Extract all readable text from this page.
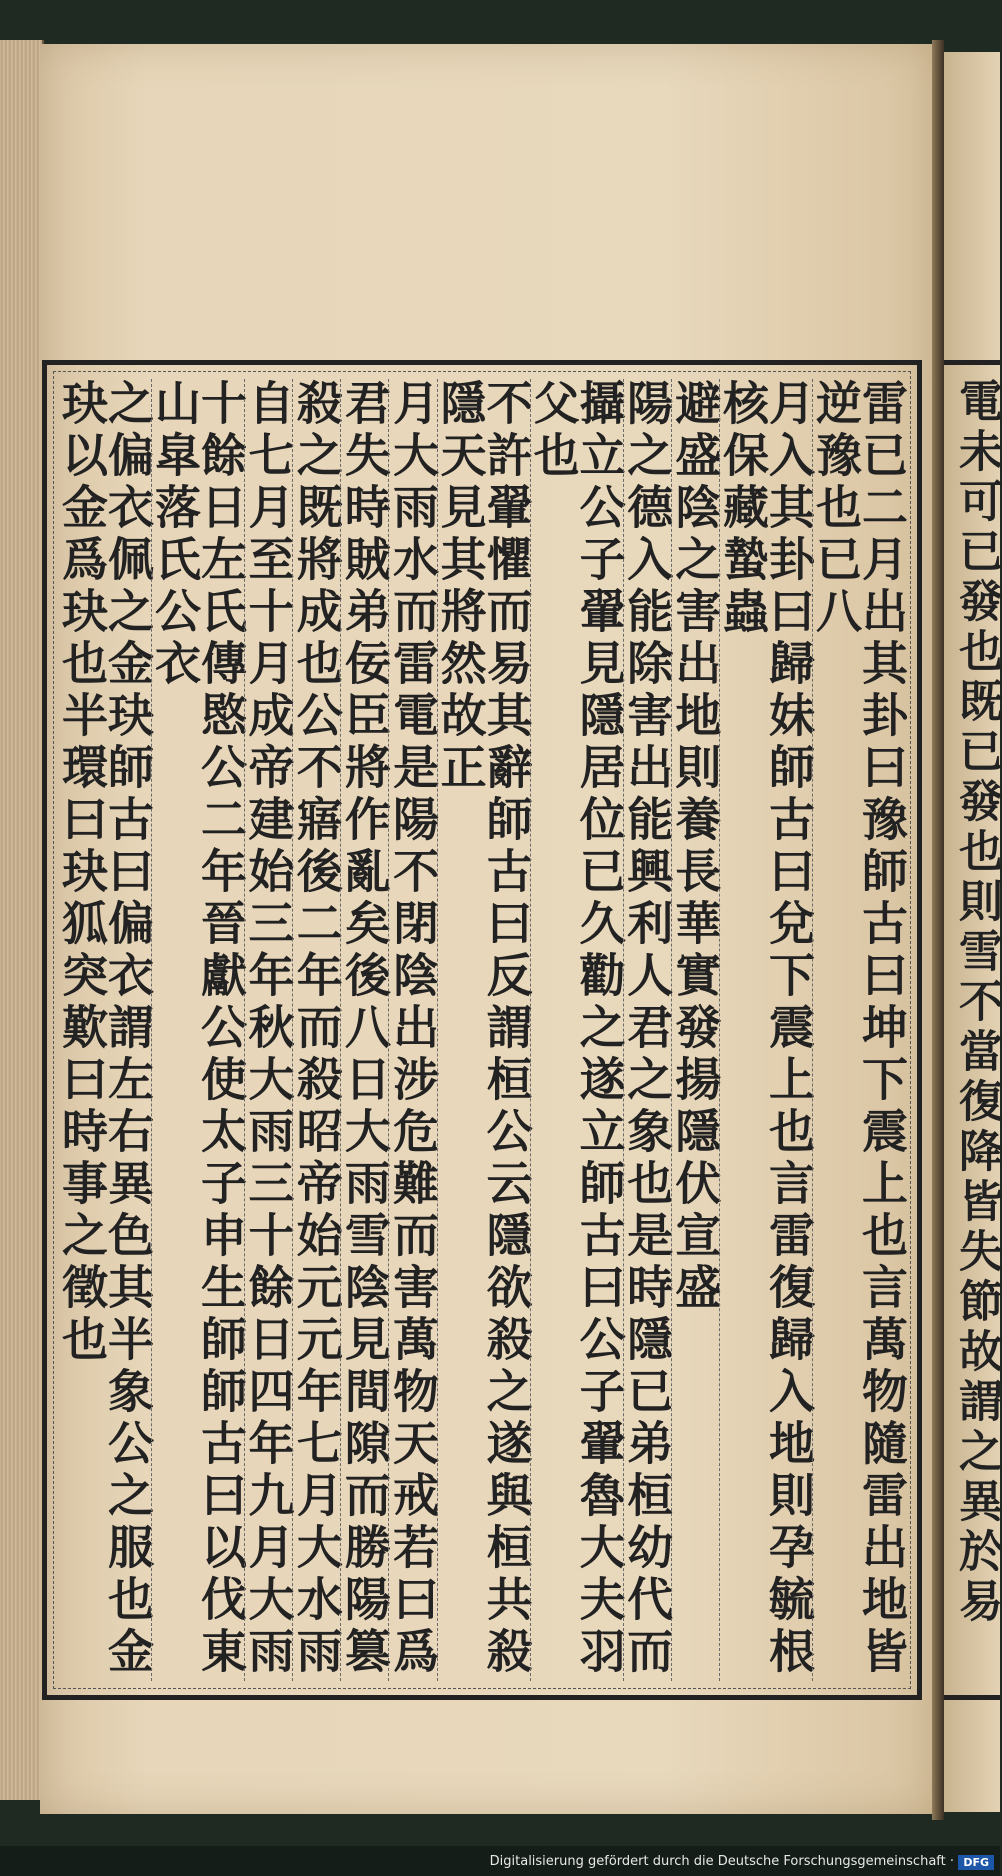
雷已二月出其卦曰豫師古曰坤下震上也言萬物隨雷出地皆逆豫也已八
月入其卦曰歸妹師古曰兌下震上也言雷復歸入地則孕毓根核保藏蟄蟲
避盛陰之害出地則養長華實發揚隱伏宣盛
陽之德入能除害出能興利人君之象也是時隱已弟桓幼代而
攝立公子翬見隱居位已久勸之遂立師古曰公子翬魯大夫羽父也
不許翬懼而易其辭師古曰反謂桓公云隱欲殺之遂與桓共殺隱天見其將然故正
月大雨水而雷電是陽不閉陰出涉危難而害萬物天戒若曰爲
君失時賊弟佞臣將作亂矣後八日大雨雪陰見間隙而勝陽篡
殺之既將成也公不寤後二年而殺昭帝始元元年七月大水雨
自七月至十月成帝建始三年秋大雨三十餘日四年九月大雨
十餘日左氏傳愍公二年晉獻公使太子申生師師古曰以伐東山皐落氏公衣
之偏衣佩之金玦師古曰偏衣謂左右異色其半象公之服也金玦以金爲玦也半環曰玦狐突歎曰時事之徵也	電未可已發也既已發也則雪不當復降皆失節故謂之異於易
Digitalisierung gefördert durch die Deutsche Forschungsgemeinschaft · DFG
